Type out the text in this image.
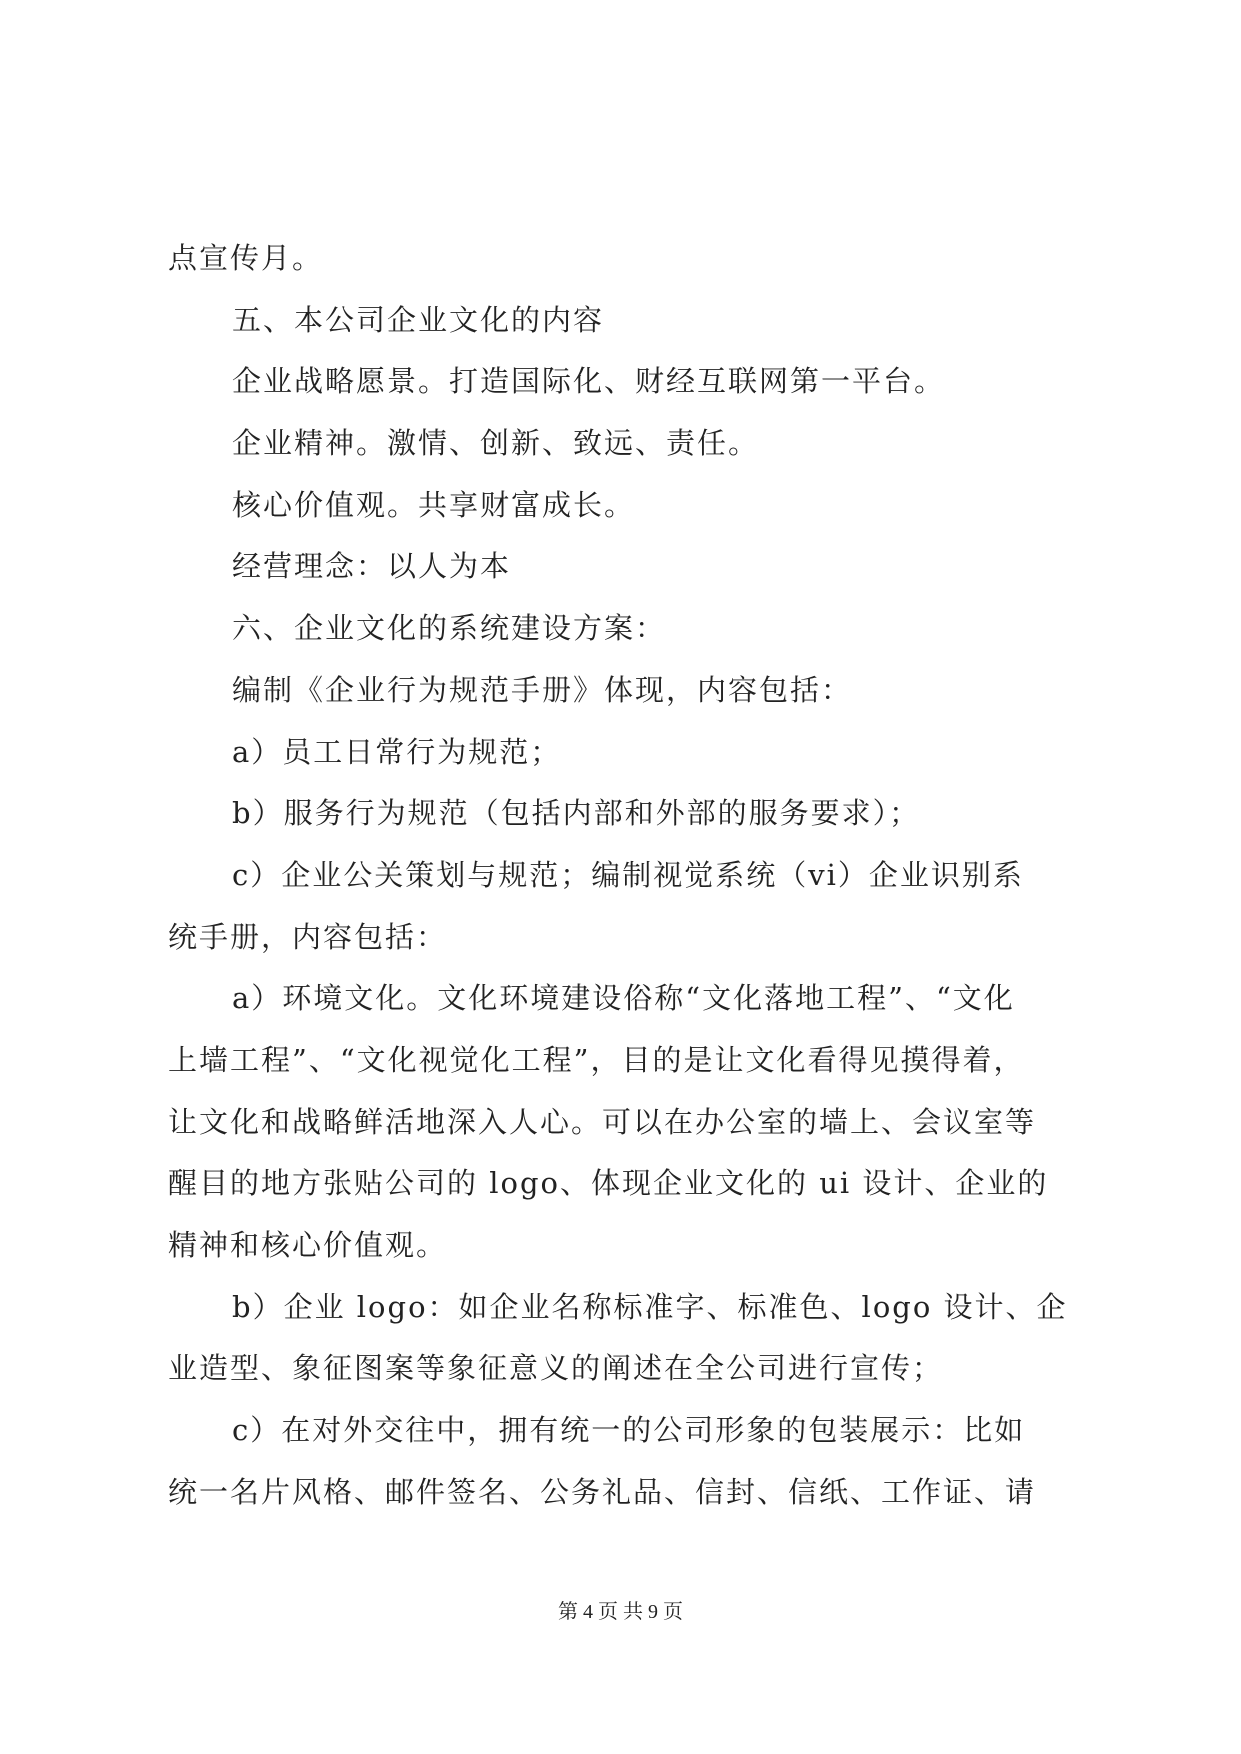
点宣传月。
五、本公司企业文化的内容
企业战略愿景。打造国际化、财经互联网第一平台。
企业精神。激情、创新、致远、责任。
核心价值观。共享财富成长。
经营理念：以人为本
六、企业文化的系统建设方案：
编制《企业行为规范手册》体现，内容包括：
a）员工日常行为规范；
b）服务行为规范（包括内部和外部的服务要求）；
c）企业公关策划与规范；编制视觉系统（vi）企业识别系
统手册，内容包括：
a）环境文化。文化环境建设俗称“文化落地工程”、“文化
上墙工程”、“文化视觉化工程”，目的是让文化看得见摸得着，
让文化和战略鲜活地深入人心。可以在办公室的墙上、会议室等
醒目的地方张贴公司的 logo、体现企业文化的 ui 设计、企业的
精神和核心价值观。
b）企业 logo：如企业名称标准字、标准色、logo 设计、企
业造型、象征图案等象征意义的阐述在全公司进行宣传；
c）在对外交往中，拥有统一的公司形象的包装展示：比如
统一名片风格、邮件签名、公务礼品、信封、信纸、工作证、请
第 4 页 共 9 页
